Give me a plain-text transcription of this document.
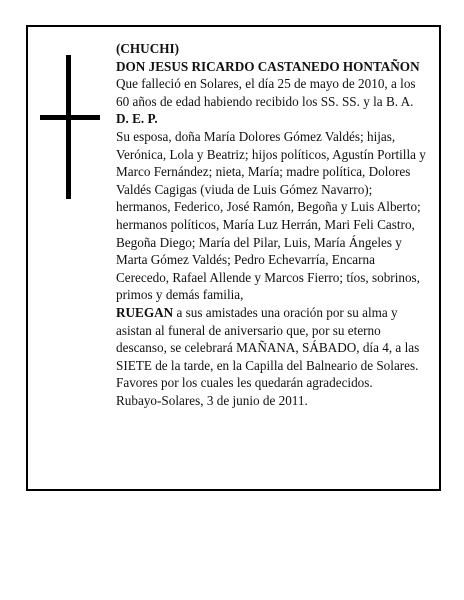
(CHUCHI)

DON JESUS RICARDO CASTANEDO HONTAÑON

Que falleció en Solares, el día 25 de mayo de 2010, a los 60 años de edad habiendo recibido los SS. SS. y la B. A.

D. E. P.

Su esposa, doña María Dolores Gómez Valdés; hijas, Verónica, Lola y Beatriz; hijos políticos, Agustín Portilla y Marco Fernández; nieta, María; madre política, Dolores Valdés Cagigas (viuda de Luis Gómez Navarro); hermanos, Federico, José Ramón, Begoña y Luis Alberto; hermanos políticos, María Luz Herrán, Mari Feli Castro, Begoña Diego; María del Pilar, Luis, María Ángeles y Marta Gómez Valdés; Pedro Echevarría, Encarna Cerecedo, Rafael Allende y Marcos Fierro; tíos, sobrinos, primos y demás familia,

RUEGAN a sus amistades una oración por su alma y asistan al funeral de aniversario que, por su eterno descanso, se celebrará MAÑANA, SÁBADO, día 4, a las SIETE de la tarde, en la Capilla del Balneario de Solares. Favores por los cuales les quedarán agradecidos.

Rubayo-Solares, 3 de junio de 2011.
